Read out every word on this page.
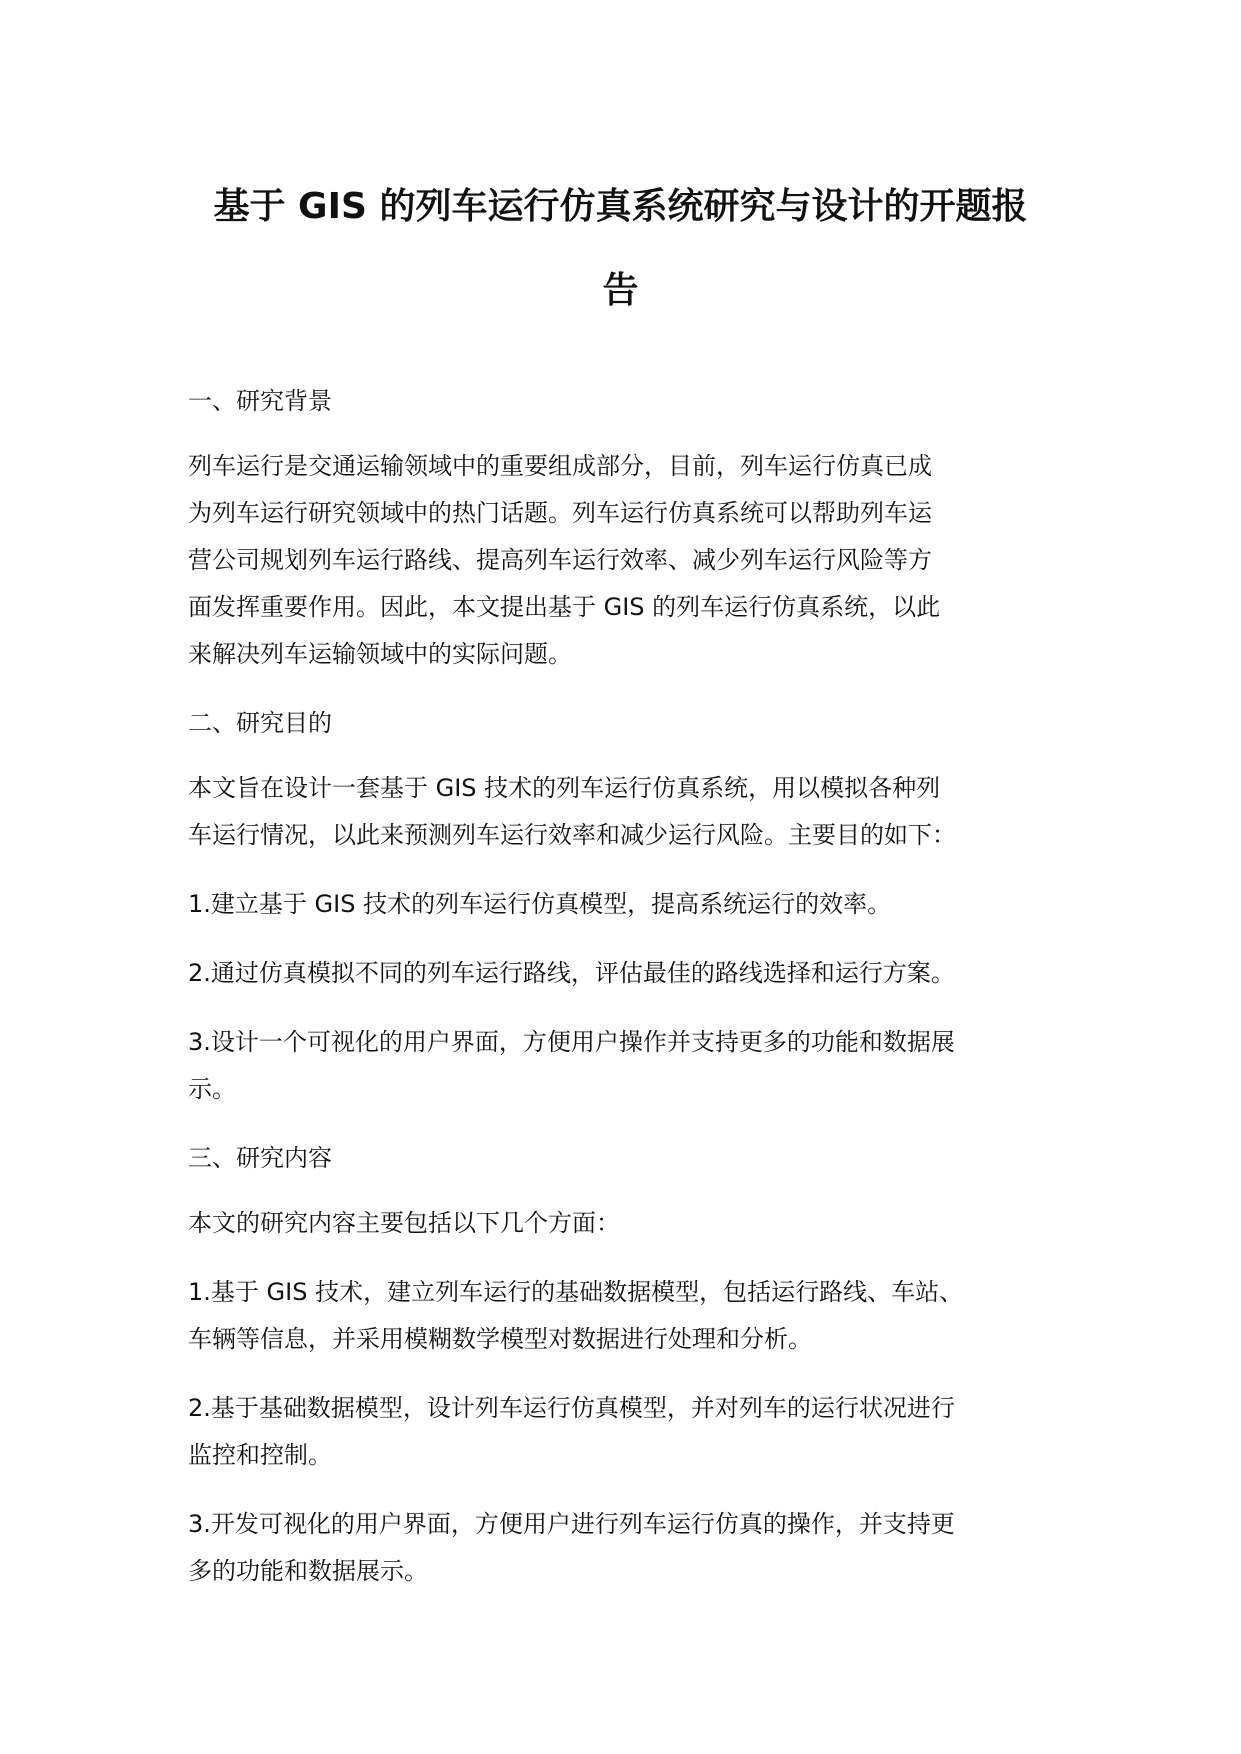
基于 GIS 的列车运行仿真系统研究与设计的开题报
告

一、研究背景

列车运行是交通运输领域中的重要组成部分，目前，列车运行仿真已成
为列车运行研究领域中的热门话题。列车运行仿真系统可以帮助列车运
营公司规划列车运行路线、提高列车运行效率、减少列车运行风险等方
面发挥重要作用。因此，本文提出基于 GIS 的列车运行仿真系统，以此
来解决列车运输领域中的实际问题。

二、研究目的

本文旨在设计一套基于 GIS 技术的列车运行仿真系统，用以模拟各种列
车运行情况，以此来预测列车运行效率和减少运行风险。主要目的如下：

1.建立基于 GIS 技术的列车运行仿真模型，提高系统运行的效率。

2.通过仿真模拟不同的列车运行路线，评估最佳的路线选择和运行方案。

3.设计一个可视化的用户界面，方便用户操作并支持更多的功能和数据展
示。

三、研究内容

本文的研究内容主要包括以下几个方面：

1.基于 GIS 技术，建立列车运行的基础数据模型，包括运行路线、车站、
车辆等信息，并采用模糊数学模型对数据进行处理和分析。

2.基于基础数据模型，设计列车运行仿真模型，并对列车的运行状况进行
监控和控制。

3.开发可视化的用户界面，方便用户进行列车运行仿真的操作，并支持更
多的功能和数据展示。
